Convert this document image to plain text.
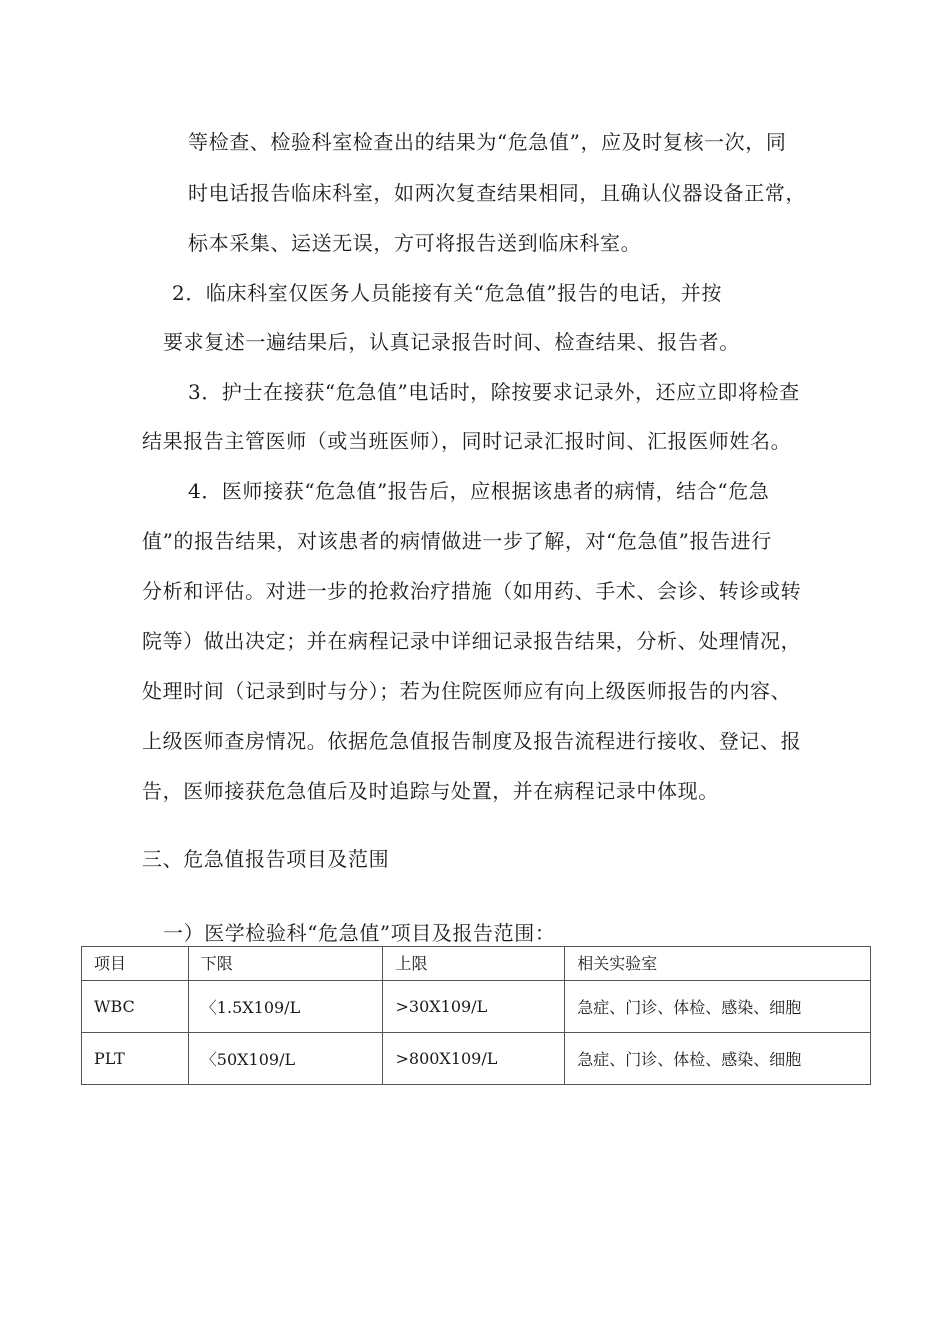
等检查、检验科室检查出的结果为“危急值”，应及时复核一次，同
时电话报告临床科室，如两次复查结果相同，且确认仪器设备正常，
标本采集、运送无误，方可将报告送到临床科室。
2．临床科室仅医务人员能接有关“危急值”报告的电话，并按
要求复述一遍结果后，认真记录报告时间、检查结果、报告者。
3．护士在接获“危急值”电话时，除按要求记录外，还应立即将检查
结果报告主管医师（或当班医师），同时记录汇报时间、汇报医师姓名。
4．医师接获“危急值”报告后，应根据该患者的病情，结合“危急
值”的报告结果，对该患者的病情做进一步了解，对“危急值”报告进行
分析和评估。对进一步的抢救治疗措施（如用药、手术、会诊、转诊或转
院等）做出决定；并在病程记录中详细记录报告结果，分析、处理情况，
处理时间（记录到时与分）；若为住院医师应有向上级医师报告的内容、
上级医师查房情况。依据危急值报告制度及报告流程进行接收、登记、报
告，医师接获危急值后及时追踪与处置，并在病程记录中体现。
三、危急值报告项目及范围
一）医学检验科“危急值”项目及报告范围：
项目	下限	上限	相关实验室
WBC	〈1.5X109/L	>30X109/L	急症、门诊、体检、感染、细胞
PLT	〈50X109/L	>800X109/L	急症、门诊、体检、感染、细胞
